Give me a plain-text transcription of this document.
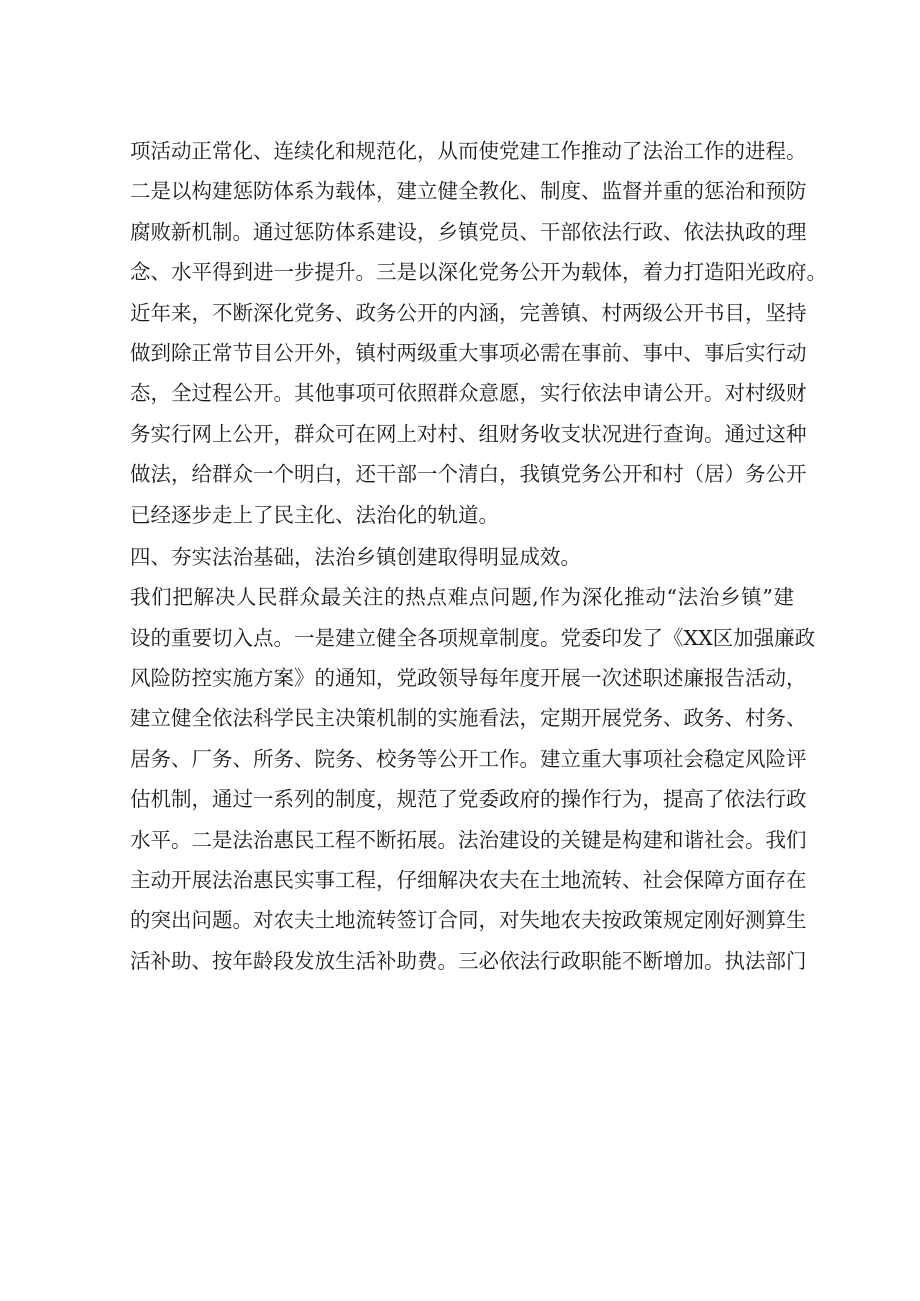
项活动正常化、连续化和规范化，从而使党建工作推动了法治工作的进程。
二是以构建惩防体系为载体，建立健全教化、制度、监督并重的惩治和预防
腐败新机制。通过惩防体系建设，乡镇党员、干部依法行政、依法执政的理
念、水平得到进一步提升。三是以深化党务公开为载体，着力打造阳光政府。
近年来，不断深化党务、政务公开的内涵，完善镇、村两级公开书目，坚持
做到除正常节目公开外，镇村两级重大事项必需在事前、事中、事后实行动
态，全过程公开。其他事项可依照群众意愿，实行依法申请公开。对村级财
务实行网上公开，群众可在网上对村、组财务收支状况进行查询。通过这种
做法，给群众一个明白，还干部一个清白，我镇党务公开和村（居）务公开
已经逐步走上了民主化、法治化的轨道。

四、夯实法治基础，法治乡镇创建取得明显成效。

我们把解决人民群众最关注的热点难点问题,作为深化推动“法治乡镇”建
设的重要切入点。一是建立健全各项规章制度。党委印发了《XX区加强廉政
风险防控实施方案》的通知，党政领导每年度开展一次述职述廉报告活动，
建立健全依法科学民主决策机制的实施看法，定期开展党务、政务、村务、
居务、厂务、所务、院务、校务等公开工作。建立重大事项社会稳定风险评
估机制，通过一系列的制度，规范了党委政府的操作行为，提高了依法行政
水平。二是法治惠民工程不断拓展。法治建设的关键是构建和谐社会。我们
主动开展法治惠民实事工程，仔细解决农夫在土地流转、社会保障方面存在
的突出问题。对农夫土地流转签订合同，对失地农夫按政策规定刚好测算生
活补助、按年龄段发放生活补助费。三必依法行政职能不断增加。执法部门
